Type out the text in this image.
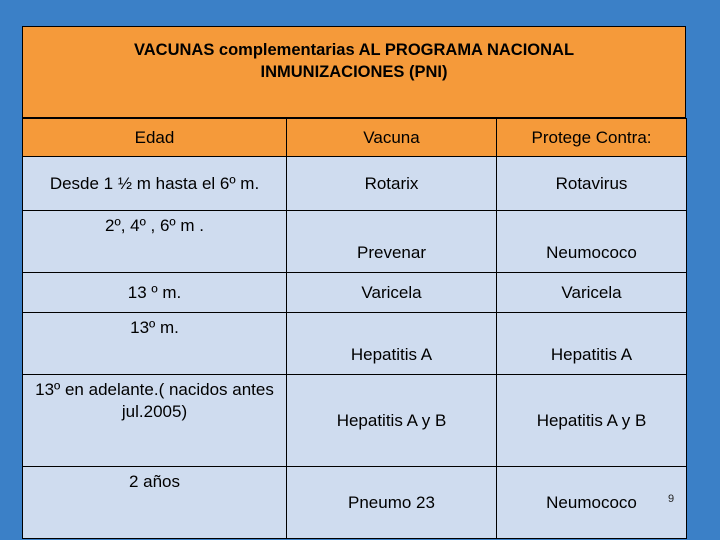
VACUNAS complementarias AL PROGRAMA NACIONAL
INMUNIZACIONES (PNI)
Edad	Vacuna	Protege Contra:
Desde 1 ½ m hasta el 6º m.	Rotarix	Rotavirus
2º, 4º , 6º m .	Prevenar	Neumococo
13 º m.	Varicela	Varicela
13º m.	Hepatitis A	Hepatitis A
13º en adelante.( nacidos antes jul.2005)	Hepatitis A y B	Hepatitis A y B
2 años	Pneumo 23	Neumococo	9
